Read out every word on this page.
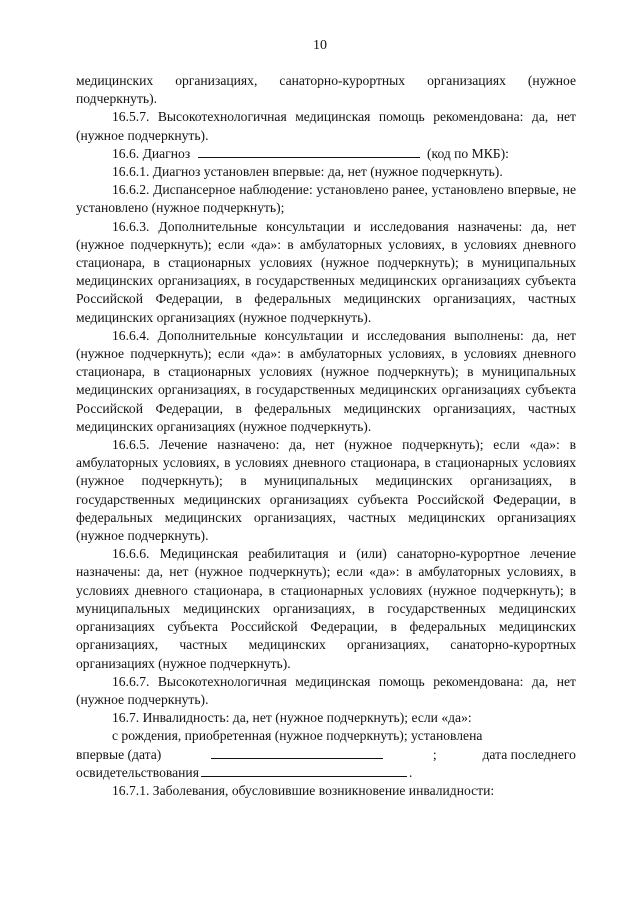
10

медицинских организациях, санаторно-курортных организациях (нужное подчеркнуть).

16.5.7. Высокотехнологичная медицинская помощь рекомендована: да, нет (нужное подчеркнуть).

16.6. Диагноз	(код по МКБ):

16.6.1. Диагноз установлен впервые: да, нет (нужное подчеркнуть).

16.6.2. Диспансерное наблюдение: установлено ранее, установлено впервые, не установлено (нужное подчеркнуть);

16.6.3. Дополнительные консультации и исследования назначены: да, нет (нужное подчеркнуть); если «да»: в амбулаторных условиях, в условиях дневного стационара, в стационарных условиях (нужное подчеркнуть); в муниципальных медицинских организациях, в государственных медицинских организациях субъекта Российской Федерации, в федеральных медицинских организациях, частных медицинских организациях (нужное подчеркнуть).

16.6.4. Дополнительные консультации и исследования выполнены: да, нет (нужное подчеркнуть); если «да»: в амбулаторных условиях, в условиях дневного стационара, в стационарных условиях (нужное подчеркнуть); в муниципальных медицинских организациях, в государственных медицинских организациях субъекта Российской Федерации, в федеральных медицинских организациях, частных медицинских организациях (нужное подчеркнуть).

16.6.5. Лечение назначено: да, нет (нужное подчеркнуть); если «да»: в амбулаторных условиях, в условиях дневного стационара, в стационарных условиях (нужное подчеркнуть); в муниципальных медицинских организациях, в государственных медицинских организациях субъекта Российской Федерации, в федеральных медицинских организациях, частных медицинских организациях (нужное подчеркнуть).

16.6.6. Медицинская реабилитация и (или) санаторно-курортное лечение назначены: да, нет (нужное подчеркнуть); если «да»: в амбулаторных условиях, в условиях дневного стационара, в стационарных условиях (нужное подчеркнуть); в муниципальных медицинских организациях, в государственных медицинских организациях субъекта Российской Федерации, в федеральных медицинских организациях, частных медицинских организациях, санаторно-курортных организациях (нужное подчеркнуть).

16.6.7. Высокотехнологичная медицинская помощь рекомендована: да, нет (нужное подчеркнуть).

16.7. Инвалидность: да, нет (нужное подчеркнуть); если «да»:

с рождения, приобретенная (нужное подчеркнуть); установлена

впервые (дата)	;	дата последнего
освидетельствования	.

16.7.1. Заболевания, обусловившие возникновение инвалидности:
